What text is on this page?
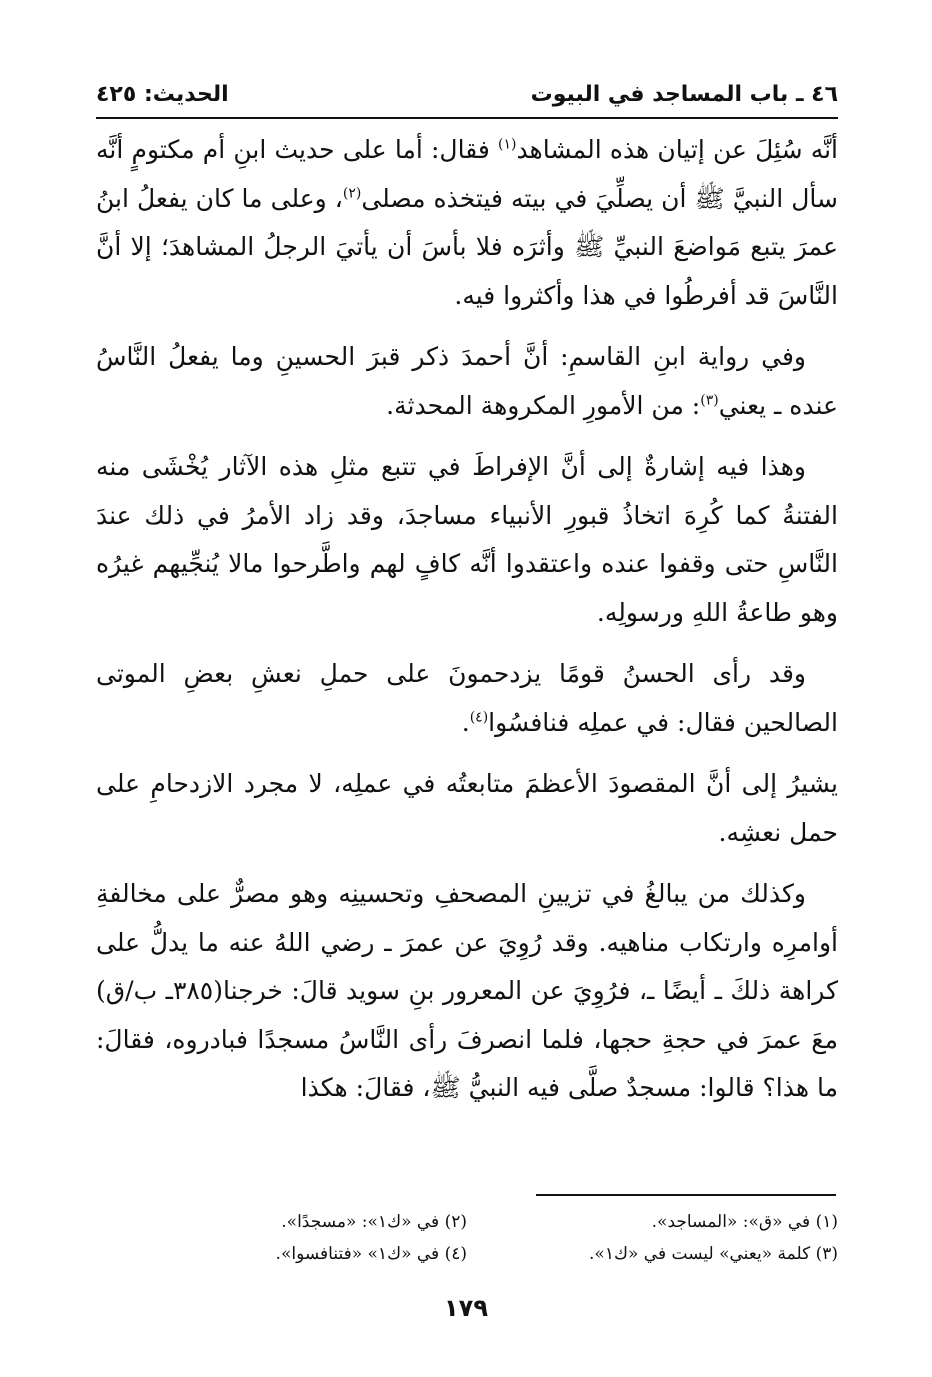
٤٦ ـ باب المساجد في البيوت
الحديث: ٤٢٥

أنَّه سُئِلَ عن إتيان هذه المشاهد$^{(١)}$ فقال: أما على حديث ابنِ أم مكتومٍ أنَّه سأل النبيَّ ﷺ أن يصلِّيَ في بيته فيتخذه مصلى$^{(٢)}$، وعلى ما كان يفعلُ ابنُ عمرَ يتبع مَواضعَ النبيِّ ﷺ وأثرَه فلا بأسَ أن يأتيَ الرجلُ المشاهدَ؛ إلا أنَّ النَّاسَ قد أفرطُوا في هذا وأكثروا فيه.

وفي رواية ابنِ القاسمِ: أنَّ أحمدَ ذكر قبرَ الحسينِ وما يفعلُ النَّاسُ عنده ـ يعني$^{(٣)}$: من الأمورِ المكروهة المحدثة.

وهذا فيه إشارةٌ إلى أنَّ الإفراطَ في تتبع مثلِ هذه الآثار يُخْشَى منه الفتنةُ كما كُرِهَ اتخاذُ قبورِ الأنبياء مساجدَ، وقد زاد الأمرُ في ذلك عندَ النَّاسِ حتى وقفوا عنده واعتقدوا أنَّه كافٍ لهم واطَّرحوا مالا يُنجِّيهم غيرُه وهو طاعةُ اللهِ ورسولِه.

وقد رأى الحسنُ قومًا يزدحمونَ على حملِ نعشِ بعضِ الموتى الصالحين فقال: في عملِه فنافسُوا$^{(٤)}$.

يشيرُ إلى أنَّ المقصودَ الأعظمَ متابعتُه في عملِه، لا مجرد الازدحامِ على حمل نعشِه.

وكذلك من يبالغُ في تزيينِ المصحفِ وتحسينِه وهو مصرٌّ على مخالفةِ أوامرِه وارتكاب مناهيه. وقد رُوِيَ عن عمرَ ـ رضي اللهُ عنه ما يدلُّ على كراهة ذلكَ ـ أيضًا ـ، فرُوِيَ عن المعرور بنِ سويد قالَ: خرجنا(٣٨٥ـ ب/ق) معَ عمرَ في حجةِ حجها، فلما انصرفَ رأى النَّاسُ مسجدًا فبادروه، فقالَ: ما هذا؟ قالوا: مسجدٌ صلَّى فيه النبيُّ ﷺ، فقالَ: هكذا

(١) في «ق»: «المساجد».
(٢) في «ك١»: «مسجدًا».
(٣) كلمة «يعني» ليست في «ك١».
(٤) في «ك١» «فتنافسوا».
١٧٩
